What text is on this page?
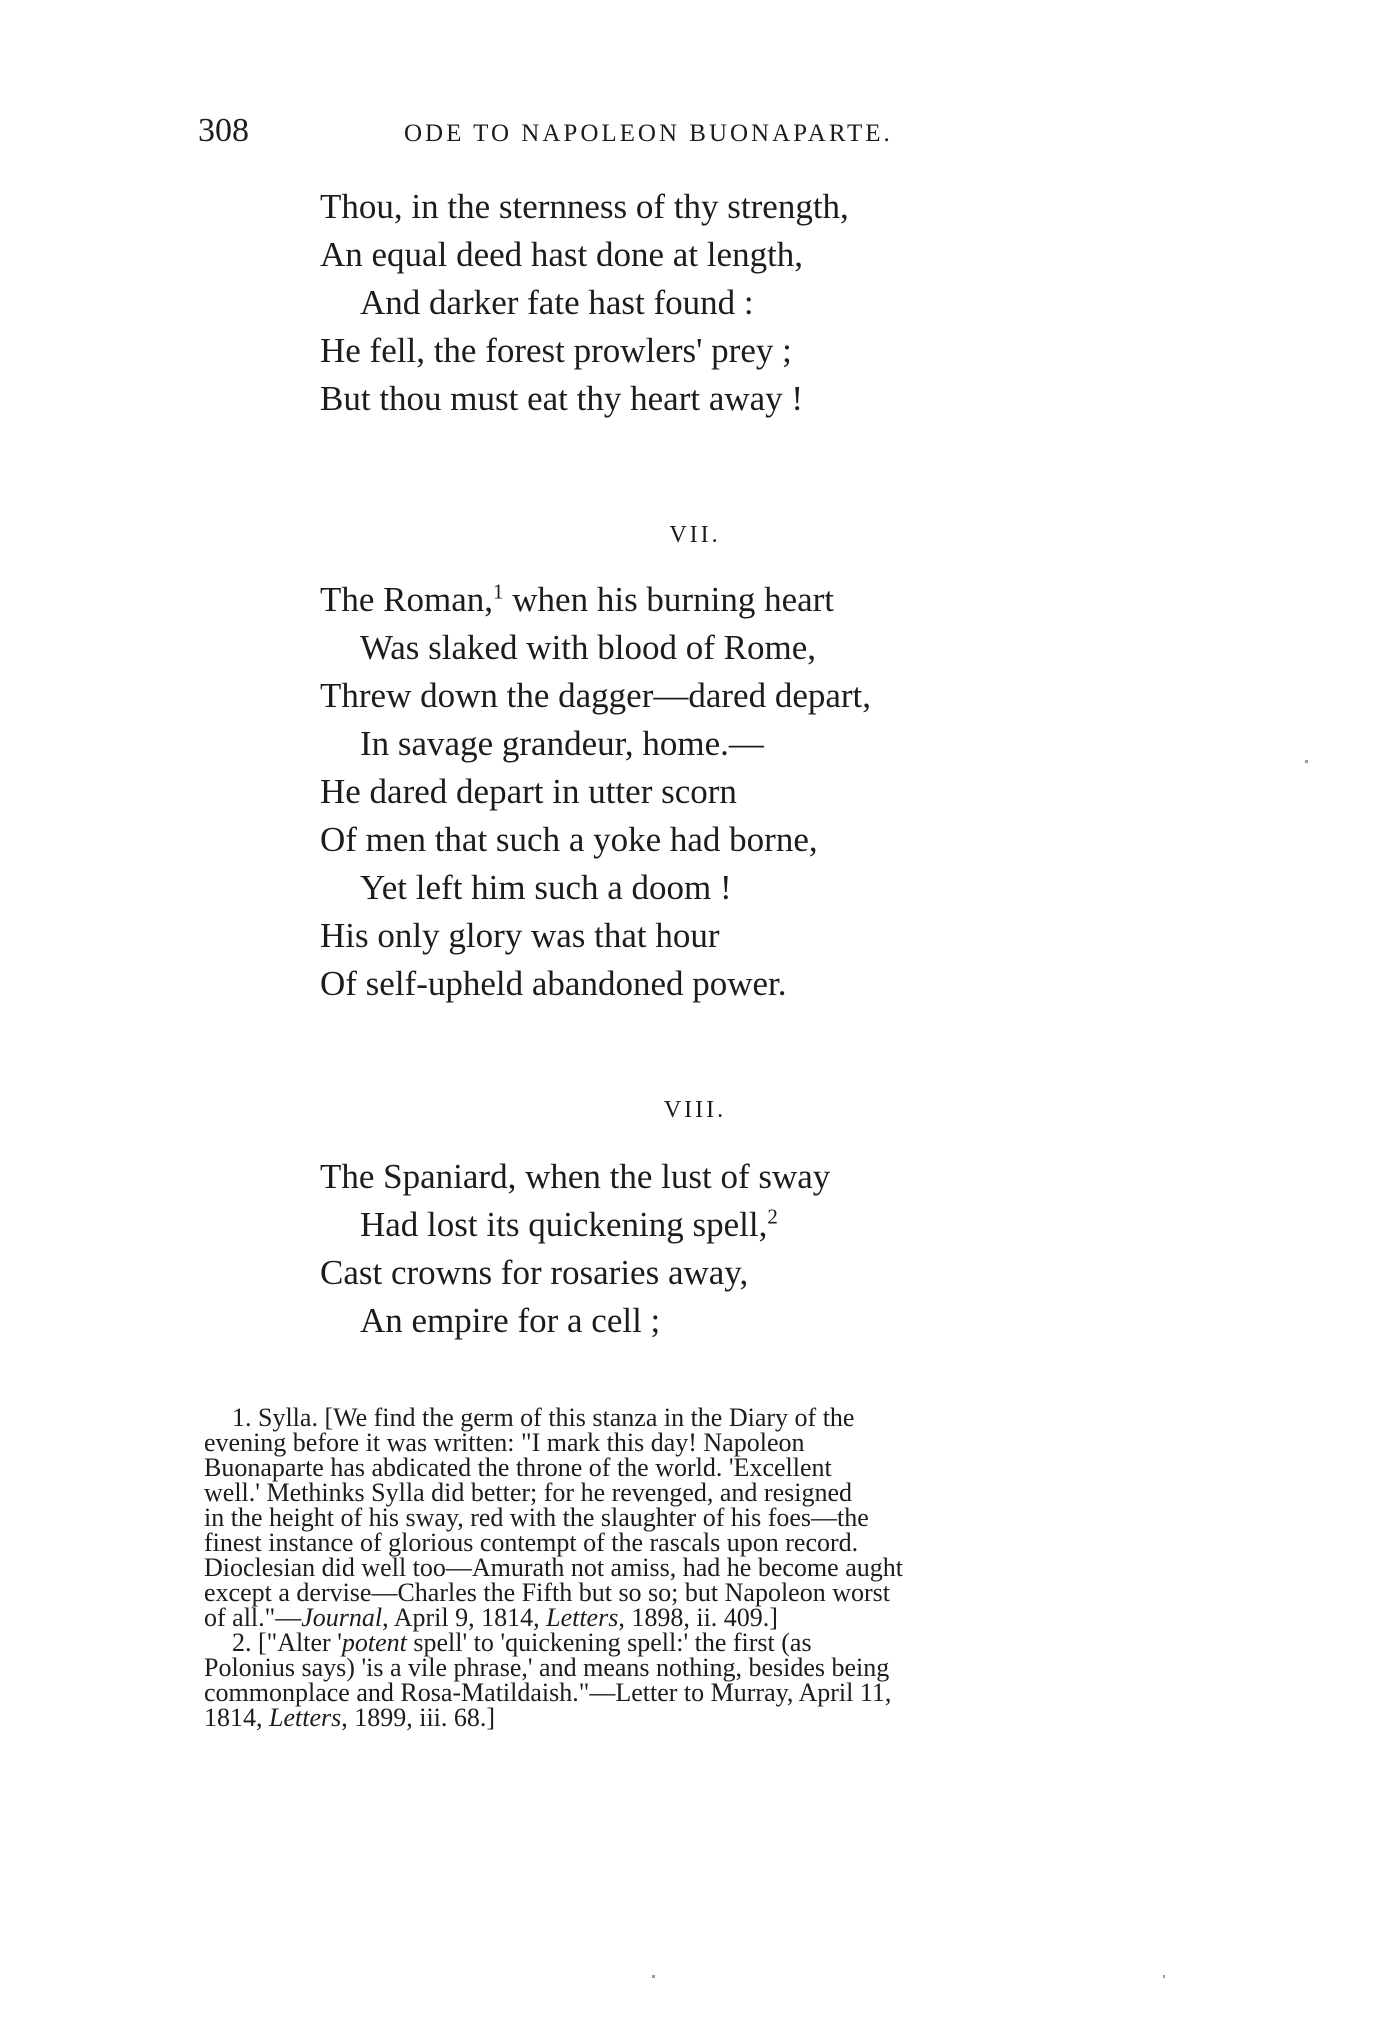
308	ODE TO NAPOLEON BUONAPARTE.
Thou, in the sternness of thy strength,
An equal deed hast done at length,
And darker fate hast found :
He fell, the forest prowlers' prey ;
But thou must eat thy heart away !
VII.
The Roman,$^1$ when his burning heart
Was slaked with blood of Rome,
Threw down the dagger—dared depart,
In savage grandeur, home.—
He dared depart in utter scorn
Of men that such a yoke had borne,
Yet left him such a doom !
His only glory was that hour
Of self-upheld abandoned power.
VIII.
The Spaniard, when the lust of sway
Had lost its quickening spell,$^2$
Cast crowns for rosaries away,
An empire for a cell ;
1. Sylla. [We find the germ of this stanza in the Diary of the
evening before it was written: "I mark this day! Napoleon
Buonaparte has abdicated the throne of the world. 'Excellent
well.' Methinks Sylla did better; for he revenged, and resigned
in the height of his sway, red with the slaughter of his foes—the
finest instance of glorious contempt of the rascals upon record.
Dioclesian did well too—Amurath not amiss, had he become aught
except a dervise—Charles the Fifth but so so; but Napoleon worst
of all."—Journal, April 9, 1814, Letters, 1898, ii. 409.]
2. ["Alter 'potent spell' to 'quickening spell:' the first (as
Polonius says) 'is a vile phrase,' and means nothing, besides being
commonplace and Rosa-Matildaish."—Letter to Murray, April 11,
1814, Letters, 1899, iii. 68.]
